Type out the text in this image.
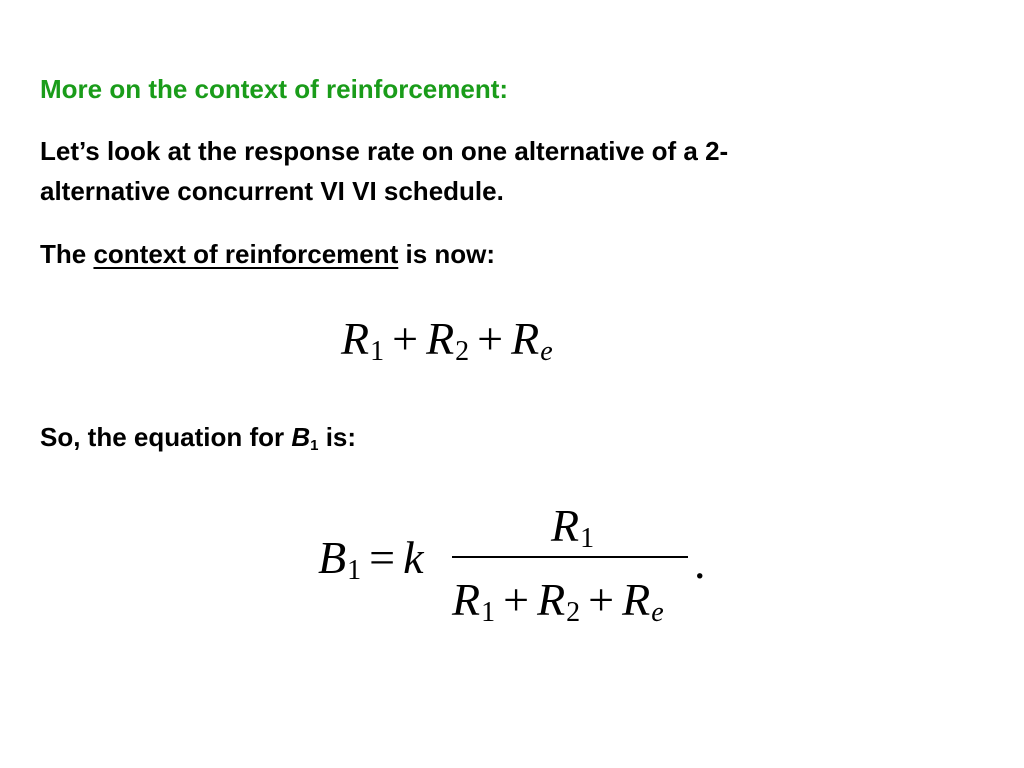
More on the context of reinforcement:

Let’s look at the response rate on one alternative of a 2-

alternative concurrent VI VI schedule.

The context of reinforcement is now:

R1 + R2 + Re

So, the equation for $B_1$ is:

B1 = k
R1
R1 + R2 + Re
.
